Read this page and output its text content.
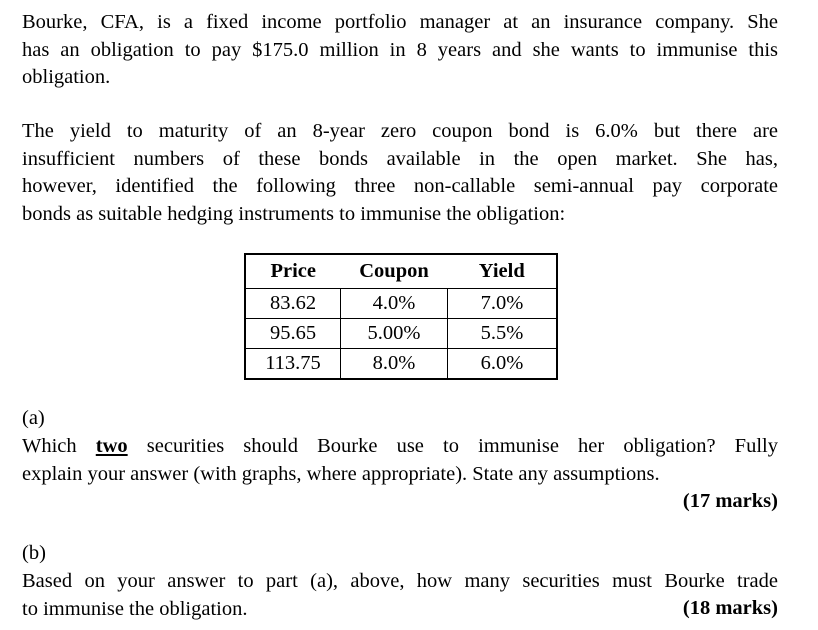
Bourke, CFA, is a fixed income portfolio manager at an insurance company. She
has an obligation to pay $175.0 million in 8 years and she wants to immunise this
obligation.
The yield to maturity of an 8-year zero coupon bond is 6.0% but there are
insufficient numbers of these bonds available in the open market. She has,
however, identified the following three non-callable semi-annual pay corporate
bonds as suitable hedging instruments to immunise the obligation:
Price	Coupon	Yield
83.62	4.0%	7.0%
95.65	5.00%	5.5%
113.75	8.0%	6.0%
(a)
Which two securities should Bourke use to immunise her obligation? Fully
explain your answer (with graphs, where appropriate). State any assumptions.
(17 marks)
(b)
Based on your answer to part (a), above, how many securities must Bourke trade
to immunise the obligation.	(18 marks)
